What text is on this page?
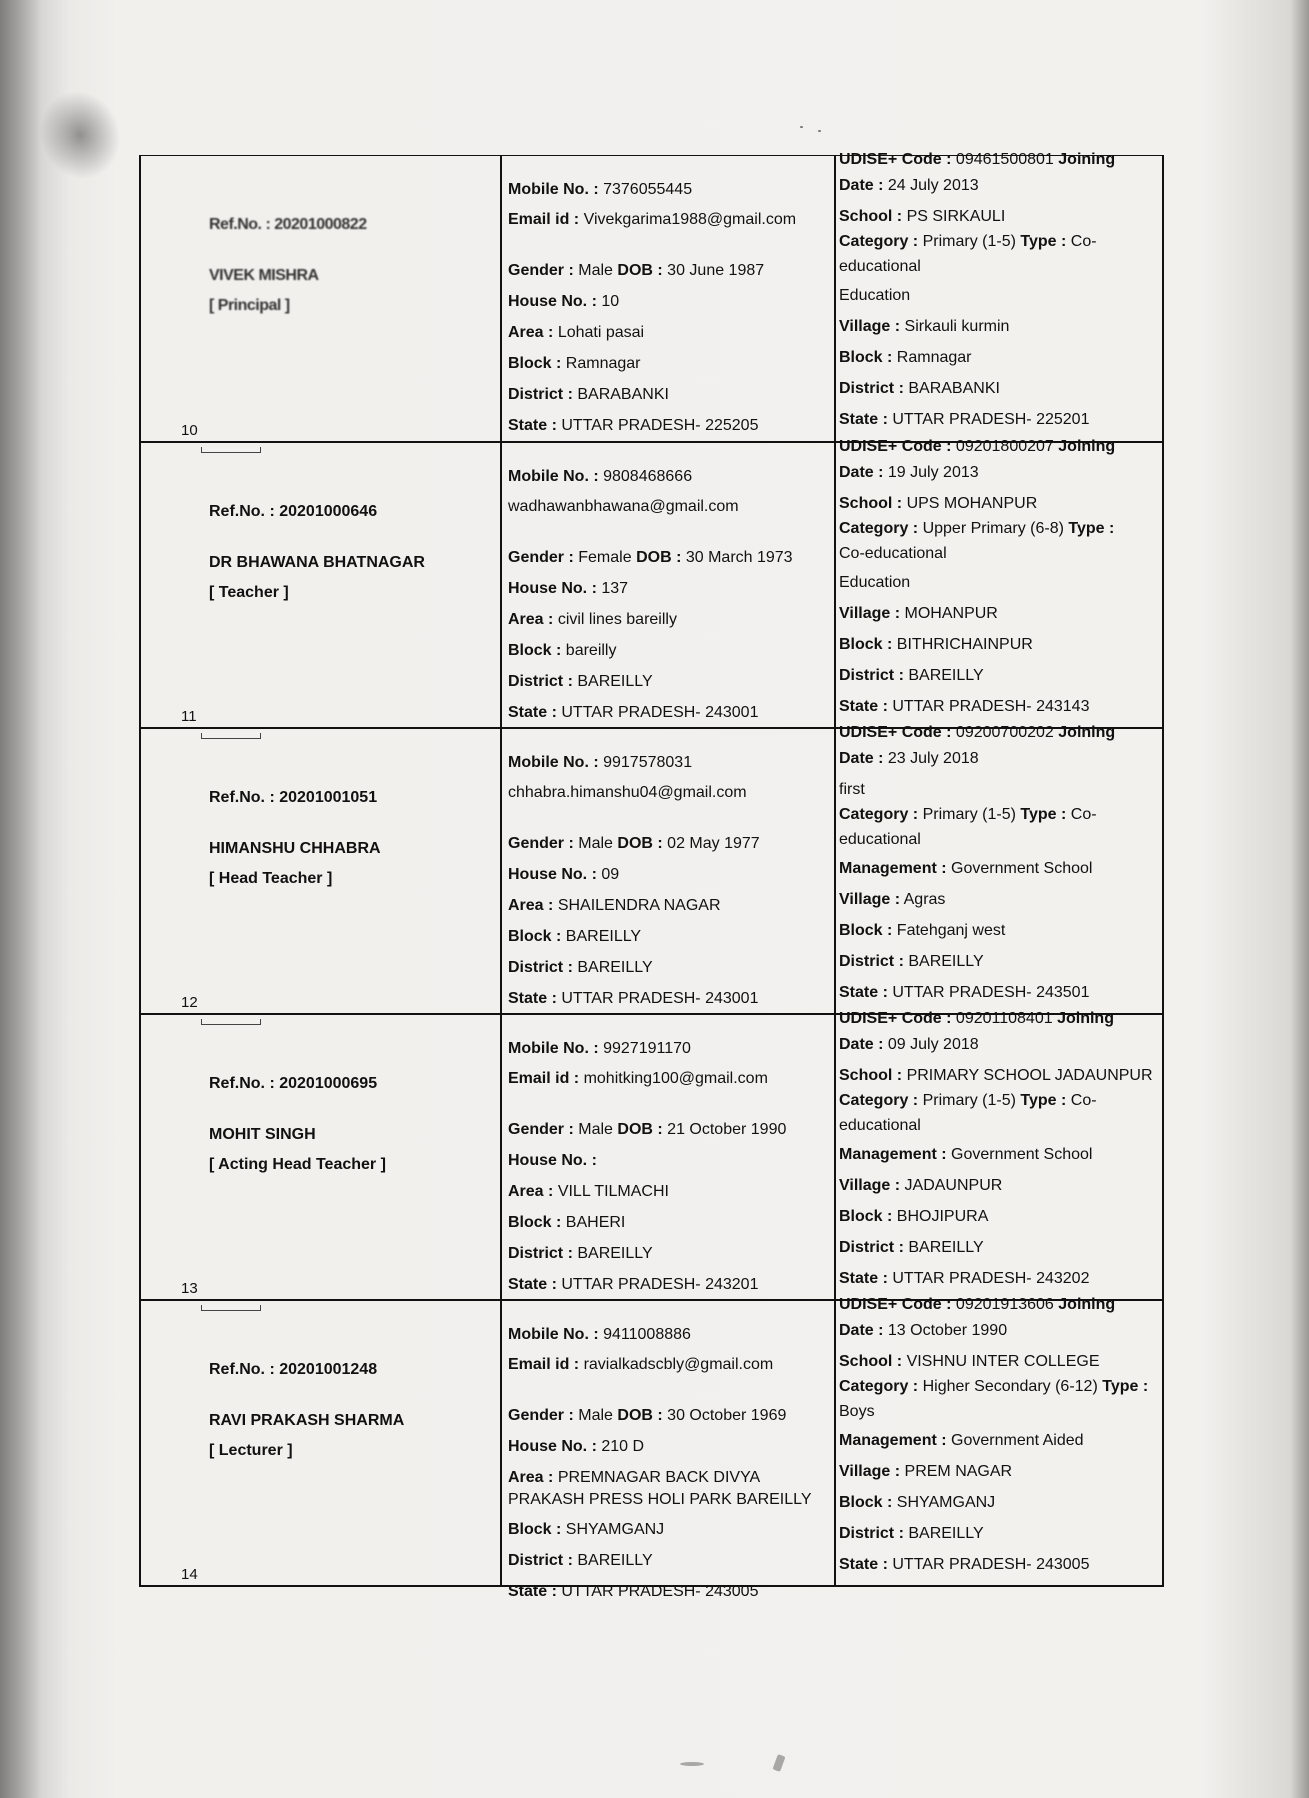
Ref.No. : 20201000822
VIVEK MISHRA
[ Principal ]
10
Mobile No. : 7376055445
Email id : Vivekgarima1988@gmail.com
Gender : Male DOB : 30 June 1987
House No. : 10
Area : Lohati pasai
Block : Ramnagar
District : BARABANKI
State : UTTAR PRADESH- 225205
UDISE+ Code : 09461500801 Joining
Date : 24 July 2013
School : PS SIRKAULI
Category : Primary (1-5) Type : Co-
educational
Education
Village : Sirkauli kurmin
Block : Ramnagar
District : BARABANKI
State : UTTAR PRADESH- 225201
Ref.No. : 20201000646
DR BHAWANA BHATNAGAR
[ Teacher ]
11
Mobile No. : 9808468666
wadhawanbhawana@gmail.com
Gender : Female DOB : 30 March 1973
House No. : 137
Area : civil lines bareilly
Block : bareilly
District : BAREILLY
State : UTTAR PRADESH- 243001
UDISE+ Code : 09201800207 Joining
Date : 19 July 2013
School : UPS MOHANPUR
Category : Upper Primary (6-8) Type :
Co-educational
Education
Village : MOHANPUR
Block : BITHRICHAINPUR
District : BAREILLY
State : UTTAR PRADESH- 243143
Ref.No. : 20201001051
HIMANSHU CHHABRA
[ Head Teacher ]
12
Mobile No. : 9917578031
chhabra.himanshu04@gmail.com
Gender : Male DOB : 02 May 1977
House No. : 09
Area : SHAILENDRA NAGAR
Block : BAREILLY
District : BAREILLY
State : UTTAR PRADESH- 243001
UDISE+ Code : 09200700202 Joining
Date : 23 July 2018
first
Category : Primary (1-5) Type : Co-
educational
Management : Government School
Village : Agras
Block : Fatehganj west
District : BAREILLY
State : UTTAR PRADESH- 243501
Ref.No. : 20201000695
MOHIT SINGH
[ Acting Head Teacher ]
13
Mobile No. : 9927191170
Email id : mohitking100@gmail.com
Gender : Male DOB : 21 October 1990
House No. :
Area : VILL TILMACHI
Block : BAHERI
District : BAREILLY
State : UTTAR PRADESH- 243201
UDISE+ Code : 09201108401 Joining
Date : 09 July 2018
School : PRIMARY SCHOOL JADAUNPUR
Category : Primary (1-5) Type : Co-
educational
Management : Government School
Village : JADAUNPUR
Block : BHOJIPURA
District : BAREILLY
State : UTTAR PRADESH- 243202
Ref.No. : 20201001248
RAVI PRAKASH SHARMA
[ Lecturer ]
14
Mobile No. : 9411008886
Email id : ravialkadscbly@gmail.com
Gender : Male DOB : 30 October 1969
House No. : 210 D
Area : PREMNAGAR BACK DIVYA
PRAKASH PRESS HOLI PARK BAREILLY
Block : SHYAMGANJ
District : BAREILLY
State : UTTAR PRADESH- 243005
UDISE+ Code : 09201913606 Joining
Date : 13 October 1990
School : VISHNU INTER COLLEGE
Category : Higher Secondary (6-12) Type :
Boys
Management : Government Aided
Village : PREM NAGAR
Block : SHYAMGANJ
District : BAREILLY
State : UTTAR PRADESH- 243005
